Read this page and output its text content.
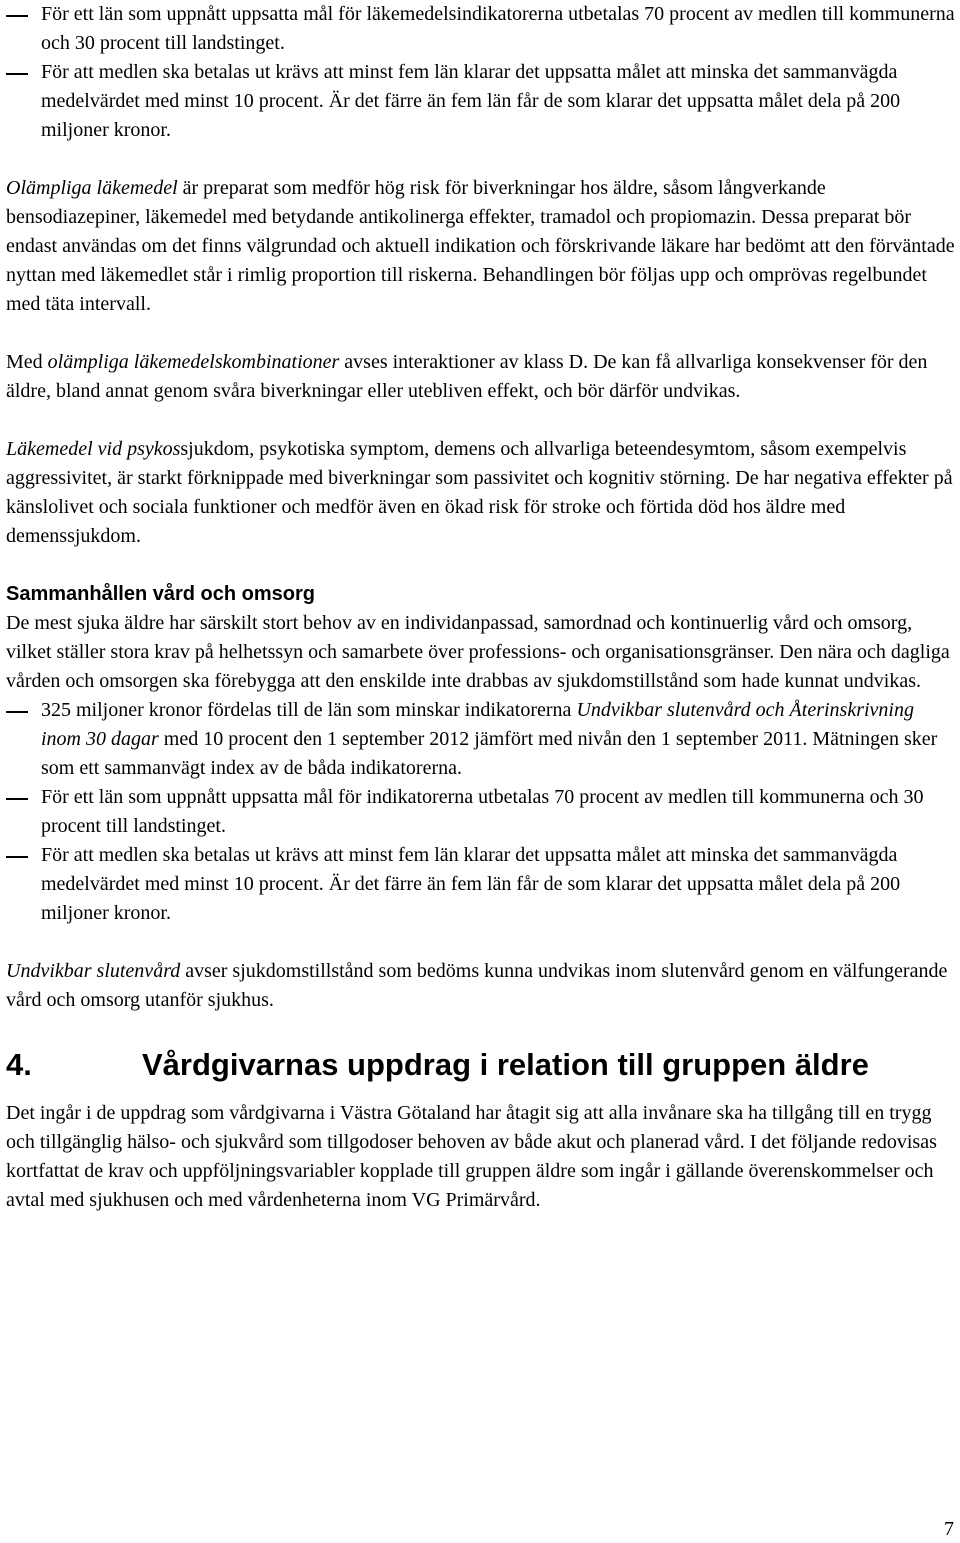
För ett län som uppnått uppsatta mål för läkemedelsindikatorerna utbetalas 70 procent av medlen till kommunerna och 30 procent till landstinget.
För att medlen ska betalas ut krävs att minst fem län klarar det uppsatta målet att minska det sammanvägda medelvärdet med minst 10 procent. Är det färre än fem län får de som klarar det uppsatta målet dela på 200 miljoner kronor.

Olämpliga läkemedel är preparat som medför hög risk för biverkningar hos äldre, såsom långverkande bensodiazepiner, läkemedel med betydande antikolinerga effekter, tramadol och propiomazin. Dessa preparat bör endast användas om det finns välgrundad och aktuell indikation och förskrivande läkare har bedömt att den förväntade nyttan med läkemedlet står i rimlig proportion till riskerna. Behandlingen bör följas upp och omprövas regelbundet med täta intervall.

Med olämpliga läkemedelskombinationer avses interaktioner av klass D. De kan få allvarliga konsekvenser för den äldre, bland annat genom svåra biverkningar eller utebliven effekt, och bör därför undvikas.

Läkemedel vid psykossjukdom, psykotiska symptom, demens och allvarliga beteendesymtom, såsom exempelvis aggressivitet, är starkt förknippade med biverkningar som passivitet och kognitiv störning. De har negativa effekter på känslolivet och sociala funktioner och medför även en ökad risk för stroke och förtida död hos äldre med demenssjukdom.

Sammanhållen vård och omsorg

De mest sjuka äldre har särskilt stort behov av en individanpassad, samordnad och kontinuerlig vård och omsorg, vilket ställer stora krav på helhetssyn och samarbete över professions- och organisationsgränser. Den nära och dagliga vården och omsorgen ska förebygga att den enskilde inte drabbas av sjukdomstillstånd som hade kunnat undvikas.

325 miljoner kronor fördelas till de län som minskar indikatorerna Undvikbar slutenvård och Återinskrivning inom 30 dagar med 10 procent den 1 september 2012 jämfört med nivån den 1 september 2011. Mätningen sker som ett sammanvägt index av de båda indikatorerna.
För ett län som uppnått uppsatta mål för indikatorerna utbetalas 70 procent av medlen till kommunerna och 30 procent till landstinget.
För att medlen ska betalas ut krävs att minst fem län klarar det uppsatta målet att minska det sammanvägda medelvärdet med minst 10 procent. Är det färre än fem län får de som klarar det uppsatta målet dela på 200 miljoner kronor.

Undvikbar slutenvård avser sjukdomstillstånd som bedöms kunna undvikas inom slutenvård genom en välfungerande vård och omsorg utanför sjukhus.

4.	Vårdgivarnas uppdrag i relation till gruppen äldre

Det ingår i de uppdrag som vårdgivarna i Västra Götaland har åtagit sig att alla invånare ska ha tillgång till en trygg och tillgänglig hälso- och sjukvård som tillgodoser behoven av både akut och planerad vård. I det följande redovisas kortfattat de krav och uppföljningsvariabler kopplade till gruppen äldre som ingår i gällande överenskommelser och avtal med sjukhusen och med vårdenheterna inom VG Primärvård.

7
